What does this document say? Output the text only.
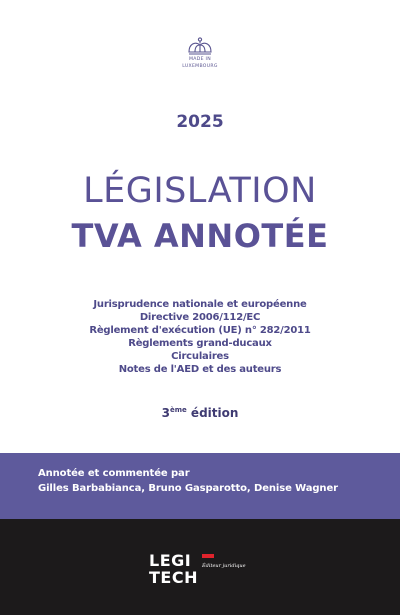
MADE IN
LUXEMBOURG
2025
LÉGISLATION
TVA ANNOTÉE
Jurisprudence nationale et européenne
Directive 2006/112/EC
Règlement d'exécution (UE) n° 282/2011
Règlements grand-ducaux
Circulaires
Notes de l'AED et des auteurs
3ème édition
Annotée et commentée par
Gilles Barbabianca, Bruno Gasparotto, Denise Wagner
LEGI
TECH
Éditeur juridique
